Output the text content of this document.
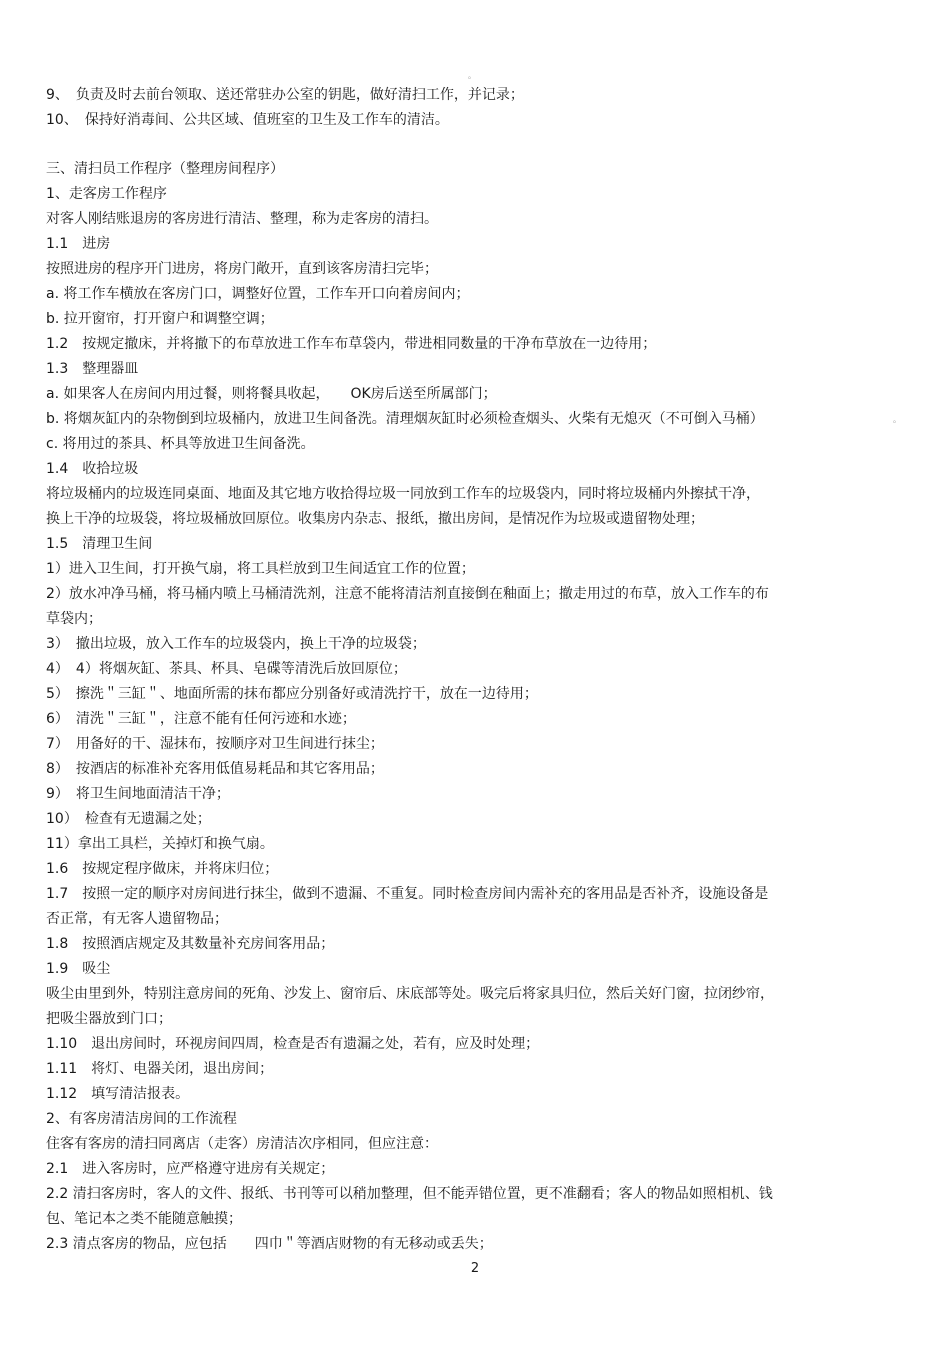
。
9、　负责及时去前台领取、送还常驻办公室的钥匙，做好清扫工作，并记录；
10、　保持好消毒间、公共区域、值班室的卫生及工作车的清洁。
三、清扫员工作程序（整理房间程序）
1、走客房工作程序
对客人刚结账退房的客房进行清洁、整理，称为走客房的清扫。
1.1　进房
按照进房的程序开门进房，将房门敞开，直到该客房清扫完毕；
a. 将工作车横放在客房门口，调整好位置，工作车开口向着房间内；
b. 拉开窗帘，打开窗户和调整空调；
1.2　按规定撤床，并将撤下的布草放进工作车布草袋内，带进相同数量的干净布草放在一边待用；
1.3　整理器皿
a. 如果客人在房间内用过餐，则将餐具收起，　　OK房后送至所属部门；
b. 将烟灰缸内的杂物倒到垃圾桶内，放进卫生间备洗。清理烟灰缸时必须检查烟头、火柴有无熄灭（不可倒入马桶）	。
c. 将用过的茶具、杯具等放进卫生间备洗。
1.4　收拾垃圾
将垃圾桶内的垃圾连同桌面、地面及其它地方收拾得垃圾一同放到工作车的垃圾袋内，同时将垃圾桶内外擦拭干净，
换上干净的垃圾袋，将垃圾桶放回原位。收集房内杂志、报纸，撤出房间，是情况作为垃圾或遗留物处理；
1.5　清理卫生间
1）进入卫生间，打开换气扇，将工具栏放到卫生间适宜工作的位置；
2）放水冲净马桶，将马桶内喷上马桶清洗剂，注意不能将清洁剂直接倒在釉面上；撤走用过的布草，放入工作车的布
草袋内；
3）　撤出垃圾，放入工作车的垃圾袋内，换上干净的垃圾袋；
4）　4）将烟灰缸、茶具、杯具、皂碟等清洗后放回原位；
5）　擦洗＂三缸＂、地面所需的抹布都应分别备好或清洗拧干，放在一边待用；
6）　清洗＂三缸＂，注意不能有任何污迹和水迹；
7）　用备好的干、湿抹布，按顺序对卫生间进行抹尘；
8）　按酒店的标准补充客用低值易耗品和其它客用品；
9）　将卫生间地面清洁干净；
10）　检查有无遗漏之处；
11）拿出工具栏，关掉灯和换气扇。
1.6　按规定程序做床，并将床归位；
1.7　按照一定的顺序对房间进行抹尘，做到不遗漏、不重复。同时检查房间内需补充的客用品是否补齐，设施设备是
否正常，有无客人遗留物品；
1.8　按照酒店规定及其数量补充房间客用品；
1.9　吸尘
吸尘由里到外，特别注意房间的死角、沙发上、窗帘后、床底部等处。吸完后将家具归位，然后关好门窗，拉闭纱帘，
把吸尘器放到门口；
1.10　退出房间时，环视房间四周，检查是否有遗漏之处，若有，应及时处理；
1.11　将灯、电器关闭，退出房间；
1.12　填写清洁报表。
2、有客房清洁房间的工作流程
住客有客房的清扫同离店（走客）房清洁次序相同，但应注意：
2.1　进入客房时，应严格遵守进房有关规定；
2.2 清扫客房时，客人的文件、报纸、书刊等可以稍加整理，但不能弄错位置，更不准翻看；客人的物品如照相机、钱
包、笔记本之类不能随意触摸；
2.3 清点客房的物品，应包括　　四巾＂等酒店财物的有无移动或丢失；
2
